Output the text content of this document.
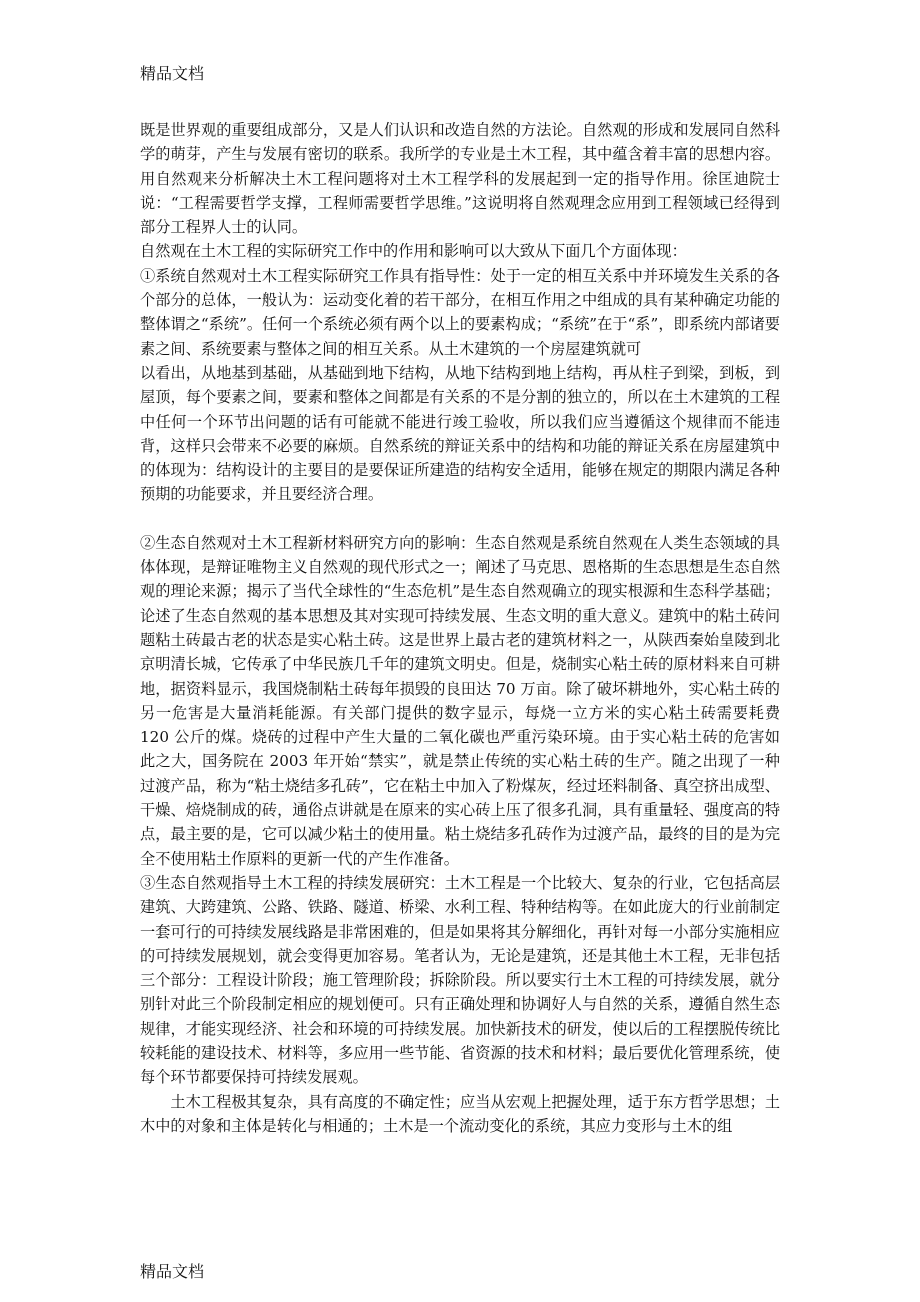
精品文档

既是世界观的重要组成部分，又是人们认识和改造自然的方法论。自然观的形成和发展同自然科学的萌芽，产生与发展有密切的联系。我所学的专业是土木工程，其中蕴含着丰富的思想内容。用自然观来分析解决土木工程问题将对土木工程学科的发展起到一定的指导作用。徐匡迪院士说：“工程需要哲学支撑，工程师需要哲学思维。”这说明将自然观理念应用到工程领域已经得到部分工程界人士的认同。

自然观在土木工程的实际研究工作中的作用和影响可以大致从下面几个方面体现：

①系统自然观对土木工程实际研究工作具有指导性：处于一定的相互关系中并环境发生关系的各个部分的总体，一般认为：运动变化着的若干部分，在相互作用之中组成的具有某种确定功能的整体谓之“系统”。任何一个系统必须有两个以上的要素构成；“系统”在于“系”，即系统内部诸要素之间、系统要素与整体之间的相互关系。从土木建筑的一个房屋建筑就可

以看出，从地基到基础，从基础到地下结构，从地下结构到地上结构，再从柱子到梁，到板，到屋顶，每个要素之间，要素和整体之间都是有关系的不是分割的独立的，所以在土木建筑的工程中任何一个环节出问题的话有可能就不能进行竣工验收，所以我们应当遵循这个规律而不能违背，这样只会带来不必要的麻烦。自然系统的辩证关系中的结构和功能的辩证关系在房屋建筑中的体现为：结构设计的主要目的是要保证所建造的结构安全适用，能够在规定的期限内满足各种预期的功能要求，并且要经济合理。

②生态自然观对土木工程新材料研究方向的影响：生态自然观是系统自然观在人类生态领域的具体体现，是辩证唯物主义自然观的现代形式之一；阐述了马克思、恩格斯的生态思想是生态自然观的理论来源；揭示了当代全球性的“生态危机”是生态自然观确立的现实根源和生态科学基础；论述了生态自然观的基本思想及其对实现可持续发展、生态文明的重大意义。建筑中的粘土砖问题粘土砖最古老的状态是实心粘土砖。这是世界上最古老的建筑材料之一，从陕西秦始皇陵到北京明清长城，它传承了中华民族几千年的建筑文明史。但是，烧制实心粘土砖的原材料来自可耕地，据资料显示，我国烧制粘土砖每年损毁的良田达 70 万亩。除了破坏耕地外，实心粘土砖的另一危害是大量消耗能源。有关部门提供的数字显示，每烧一立方米的实心粘土砖需要耗费 120 公斤的煤。烧砖的过程中产生大量的二氧化碳也严重污染环境。由于实心粘土砖的危害如此之大，国务院在 2003 年开始“禁实”，就是禁止传统的实心粘土砖的生产。随之出现了一种过渡产品，称为“粘土烧结多孔砖”，它在粘土中加入了粉煤灰，经过坯料制备、真空挤出成型、干燥、焙烧制成的砖，通俗点讲就是在原来的实心砖上压了很多孔洞，具有重量轻、强度高的特点，最主要的是，它可以减少粘土的使用量。粘土烧结多孔砖作为过渡产品，最终的目的是为完全不使用粘土作原料的更新一代的产生作准备。

③生态自然观指导土木工程的持续发展研究：土木工程是一个比较大、复杂的行业，它包括高层建筑、大跨建筑、公路、铁路、隧道、桥梁、水利工程、特种结构等。在如此庞大的行业前制定一套可行的可持续发展线路是非常困难的，但是如果将其分解细化，再针对每一小部分实施相应的可持续发展规划，就会变得更加容易。笔者认为，无论是建筑，还是其他土木工程，无非包括三个部分：工程设计阶段；施工管理阶段；拆除阶段。所以要实行土木工程的可持续发展，就分别针对此三个阶段制定相应的规划便可。只有正确处理和协调好人与自然的关系，遵循自然生态规律，才能实现经济、社会和环境的可持续发展。加快新技术的研发，使以后的工程摆脱传统比较耗能的建设技术、材料等，多应用一些节能、省资源的技术和材料；最后要优化管理系统，使每个环节都要保持可持续发展观。

土木工程极其复杂，具有高度的不确定性；应当从宏观上把握处理，适于东方哲学思想；土木中的对象和主体是转化与相通的；土木是一个流动变化的系统，其应力变形与土木的组

精品文档
